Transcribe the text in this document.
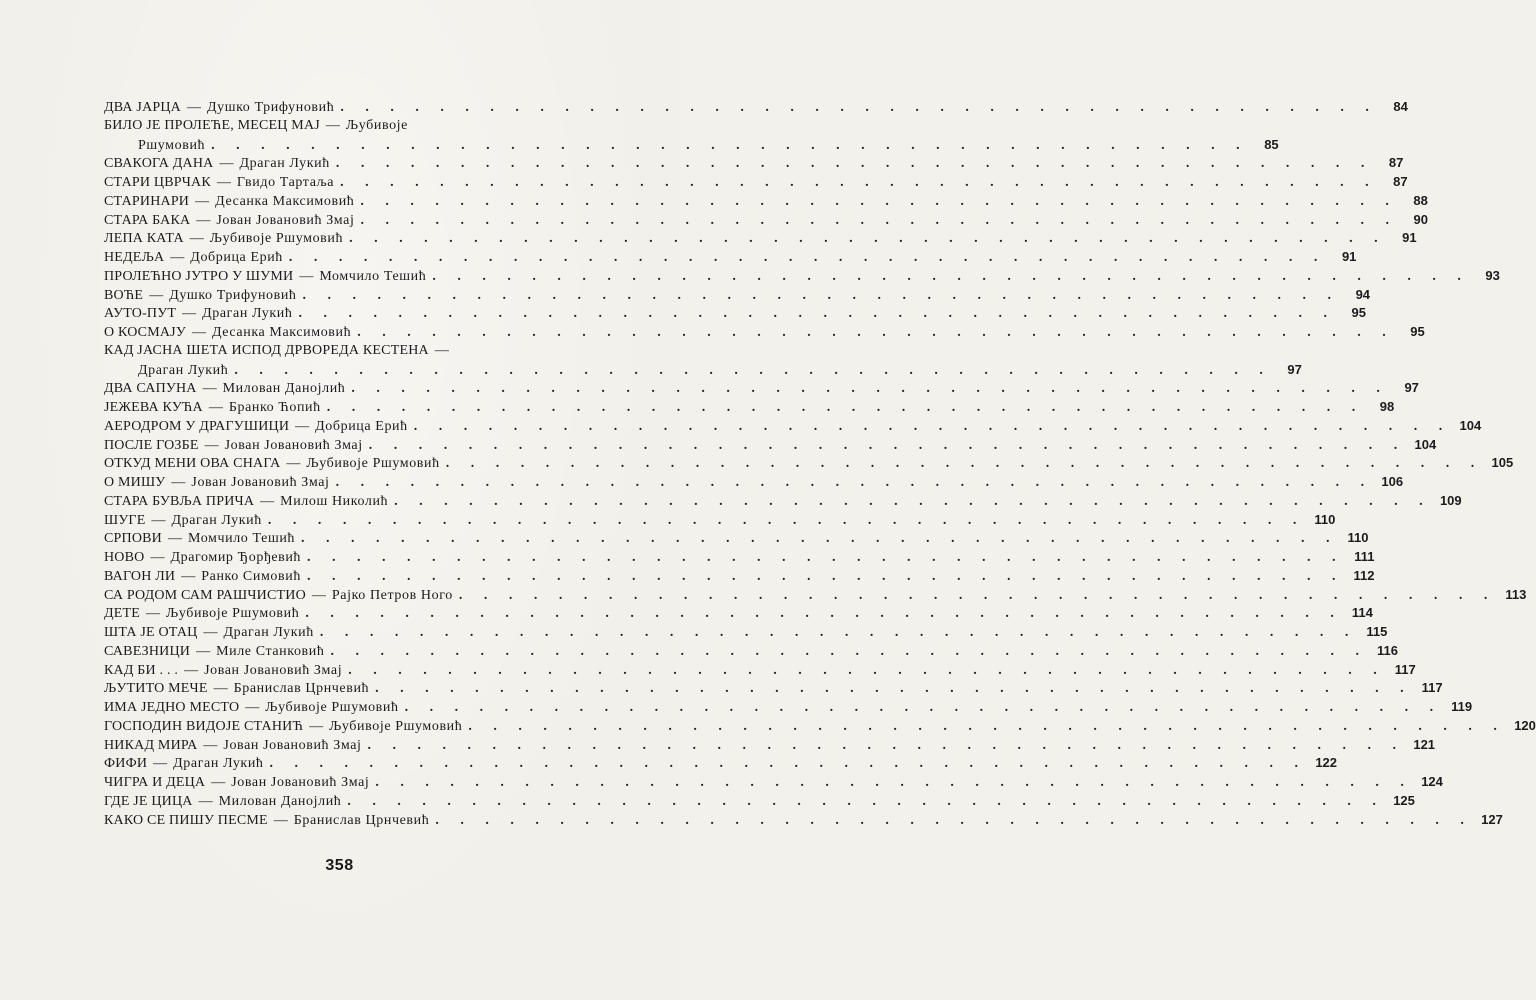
ДВА ЈАРЦА — Душко Трифуновић . . . . . . . . . . . . . . . . . . . . . . . . . . . . . . . . . . . . . . . . . .	84
БИЛО ЈЕ ПРОЛЕЋЕ, МЕСЕЦ МАЈ — Љубивоје
Ршумовић . . . . . . . . . . . . . . . . . . . . . . . . . . . . . . . . . . . . . . . . . .	85
СВАКОГА ДАНА — Драган Лукић . . . . . . . . . . . . . . . . . . . . . . . . . . . . . . . . . . . . . . . . . .	87
СТАРИ ЦВРЧАК — Гвидо Тартаља . . . . . . . . . . . . . . . . . . . . . . . . . . . . . . . . . . . . . . . . . .	87
СТАРИНАРИ — Десанка Максимовић . . . . . . . . . . . . . . . . . . . . . . . . . . . . . . . . . . . . . . . . . .	88
СТАРА БАКА — Јован Јовановић Змај . . . . . . . . . . . . . . . . . . . . . . . . . . . . . . . . . . . . . . . . . .	90
ЛЕПА КАТА — Љубивоје Ршумовић . . . . . . . . . . . . . . . . . . . . . . . . . . . . . . . . . . . . . . . . . .	91
НЕДЕЉА — Добрица Ерић . . . . . . . . . . . . . . . . . . . . . . . . . . . . . . . . . . . . . . . . . .	91
ПРОЛЕЋНО ЈУТРО У ШУМИ — Момчило Тешић . . . . . . . . . . . . . . . . . . . . . . . . . . . . . . . . . . . . . . . . . .	93
ВОЋЕ — Душко Трифуновић . . . . . . . . . . . . . . . . . . . . . . . . . . . . . . . . . . . . . . . . . .	94
АУТО-ПУТ — Драган Лукић . . . . . . . . . . . . . . . . . . . . . . . . . . . . . . . . . . . . . . . . . .	95
О КОСМАЈУ — Десанка Максимовић . . . . . . . . . . . . . . . . . . . . . . . . . . . . . . . . . . . . . . . . . .	95
КАД ЈАСНА ШЕТА ИСПОД ДРВОРЕДА КЕСТЕНА —
Драган Лукић . . . . . . . . . . . . . . . . . . . . . . . . . . . . . . . . . . . . . . . . . .	97
ДВА САПУНА — Милован Данојлић . . . . . . . . . . . . . . . . . . . . . . . . . . . . . . . . . . . . . . . . . .	97
ЈЕЖЕВА КУЋА — Бранко Ћопић . . . . . . . . . . . . . . . . . . . . . . . . . . . . . . . . . . . . . . . . . .	98
АЕРОДРОМ У ДРАГУШИЦИ — Добрица Ерић . . . . . . . . . . . . . . . . . . . . . . . . . . . . . . . . . . . . . . . . . . 104
ПОСЛЕ ГОЗБЕ — Јован Јовановић Змај . . . . . . . . . . . . . . . . . . . . . . . . . . . . . . . . . . . . . . . . . . 104
ОТКУД МЕНИ ОВА СНАГА — Љубивоје Ршумовић . . . . . . . . . . . . . . . . . . . . . . . . . . . . . . . . . . . . . . . . . . 105
О МИШУ — Јован Јовановић Змај . . . . . . . . . . . . . . . . . . . . . . . . . . . . . . . . . . . . . . . . . . 106
СТАРА БУВЉА ПРИЧА — Милош Николић . . . . . . . . . . . . . . . . . . . . . . . . . . . . . . . . . . . . . . . . . . 109
ШУГЕ — Драган Лукић . . . . . . . . . . . . . . . . . . . . . . . . . . . . . . . . . . . . . . . . . . 110
СРПОВИ — Момчило Тешић . . . . . . . . . . . . . . . . . . . . . . . . . . . . . . . . . . . . . . . . . . 110
НОВО — Драгомир Ђорђевић . . . . . . . . . . . . . . . . . . . . . . . . . . . . . . . . . . . . . . . . . . 111
ВАГОН ЛИ — Ранко Симовић . . . . . . . . . . . . . . . . . . . . . . . . . . . . . . . . . . . . . . . . . . 112
СА РОДОМ САМ РАШЧИСТИО — Рајко Петров Ного . . . . . . . . . . . . . . . . . . . . . . . . . . . . . . . . . . . . . . . . . . 113
ДЕТЕ — Љубивоје Ршумовић . . . . . . . . . . . . . . . . . . . . . . . . . . . . . . . . . . . . . . . . . . 114
ШТА ЈЕ ОТАЦ — Драган Лукић . . . . . . . . . . . . . . . . . . . . . . . . . . . . . . . . . . . . . . . . . . 115
САВЕЗНИЦИ — Миле Станковић . . . . . . . . . . . . . . . . . . . . . . . . . . . . . . . . . . . . . . . . . . 116
КАД БИ . . . — Јован Јовановић Змај . . . . . . . . . . . . . . . . . . . . . . . . . . . . . . . . . . . . . . . . . . 117
ЉУТИТО МЕЧЕ — Бранислав Црнчевић . . . . . . . . . . . . . . . . . . . . . . . . . . . . . . . . . . . . . . . . . . 117
ИМА ЈЕДНО МЕСТО — Љубивоје Ршумовић . . . . . . . . . . . . . . . . . . . . . . . . . . . . . . . . . . . . . . . . . . 119
ГОСПОДИН ВИДОЈЕ СТАНИЋ — Љубивоје Ршумовић . . . . . . . . . . . . . . . . . . . . . . . . . . . . . . . . . . . . . . . . . . 120
НИКАД МИРА — Јован Јовановић Змај . . . . . . . . . . . . . . . . . . . . . . . . . . . . . . . . . . . . . . . . . . 121
ФИФИ — Драган Лукић . . . . . . . . . . . . . . . . . . . . . . . . . . . . . . . . . . . . . . . . . . 122
ЧИГРА И ДЕЦА — Јован Јовановић Змај . . . . . . . . . . . . . . . . . . . . . . . . . . . . . . . . . . . . . . . . . . 124
ГДЕ ЈЕ ЦИЦА — Милован Данојлић . . . . . . . . . . . . . . . . . . . . . . . . . . . . . . . . . . . . . . . . . . 125
КАКО СЕ ПИШУ ПЕСМЕ — Бранислав Црнчевић . . . . . . . . . . . . . . . . . . . . . . . . . . . . . . . . . . . . . . . . . . 127
358
